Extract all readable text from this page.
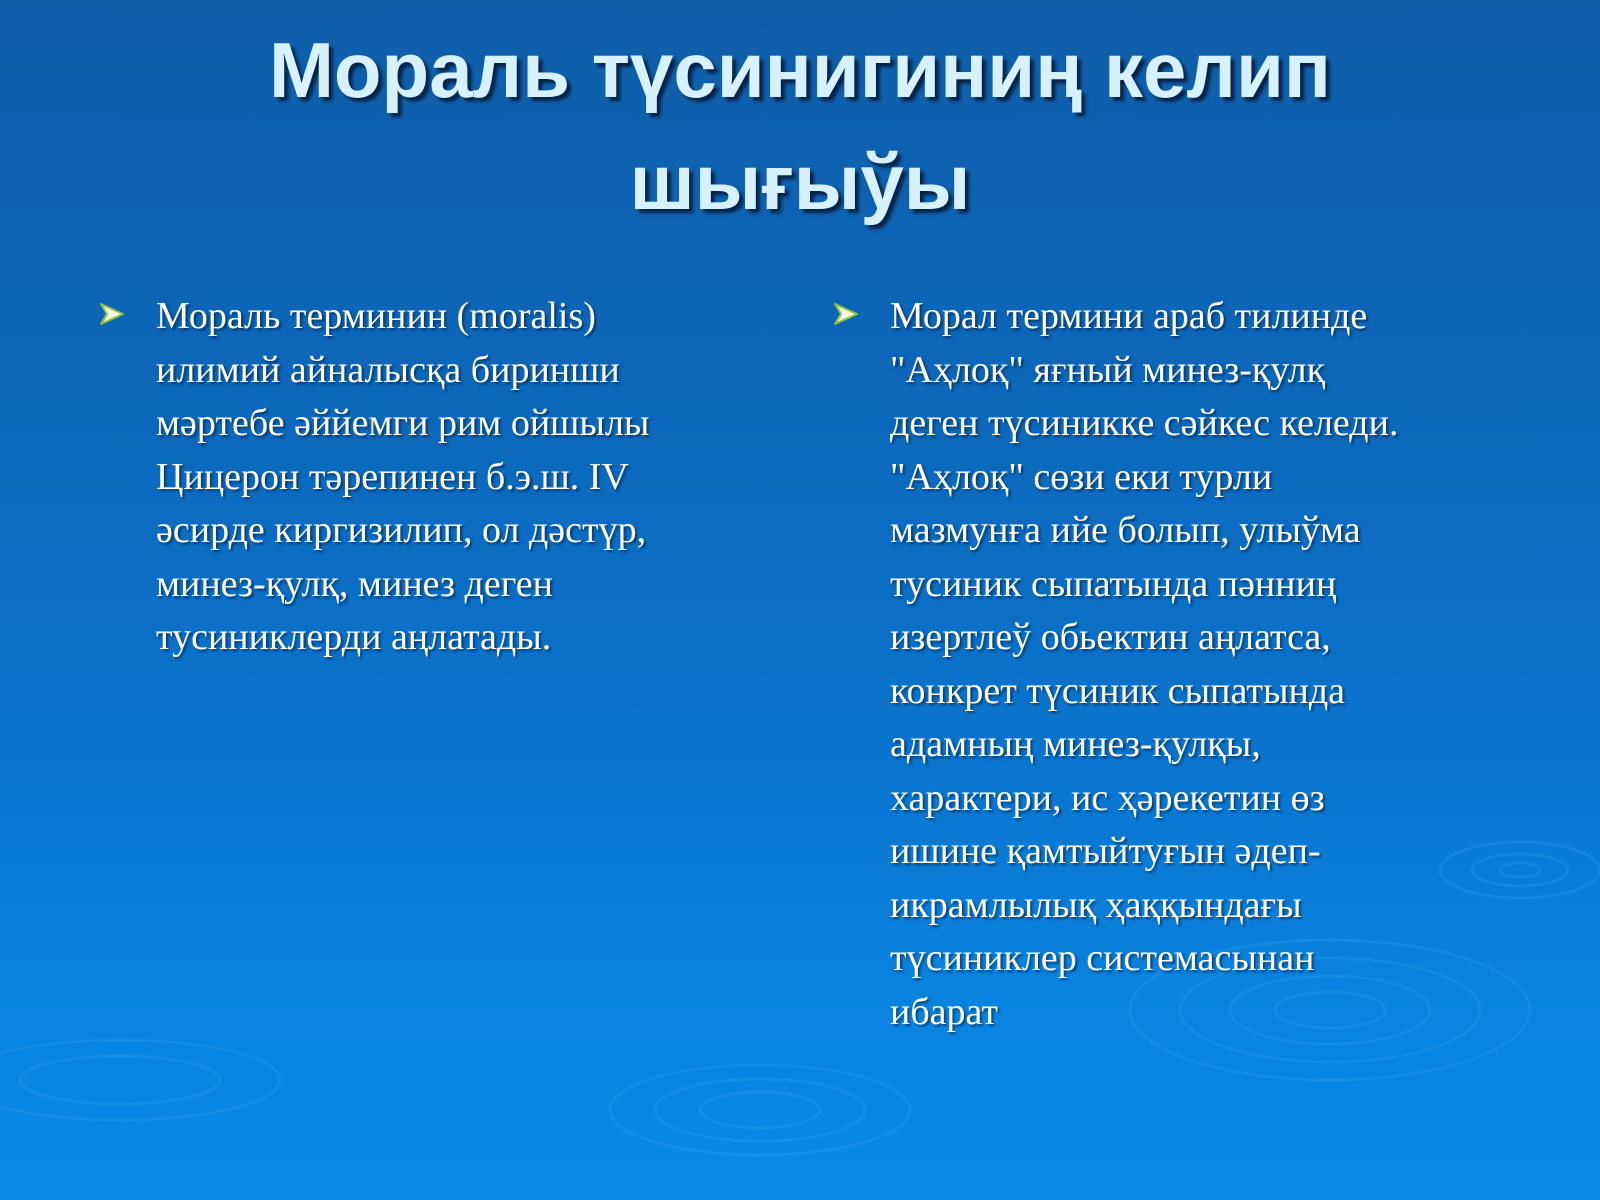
Мораль түсинигиниң келип
шығыўы
Мораль терминин (moralis)
илимий айналысқа биринши
мәртебе әййемги рим ойшылы
Цицерон тәрепинен б.э.ш. IV
әсирде киргизилип, ол дәстүр,
минез-қулқ, минез деген
тусиниклерди аңлатады.
Морал термини араб тилинде
"Аҳлоқ" яғный минез-қулқ
деген түсиникке сәйкес келеди.
"Аҳлоқ" сөзи еки турли
мазмунға ийе болып, улыўма
тусиник сыпатында пәнниң
изертлеў обьектин аңлатса,
конкрет түсиник сыпатында
адамның минез-қулқы,
характери, ис ҳәрекетин өз
ишине қамтыйтуғын әдеп-
икрамлылық ҳаққындағы
түсиниклер системасынан
ибарат
